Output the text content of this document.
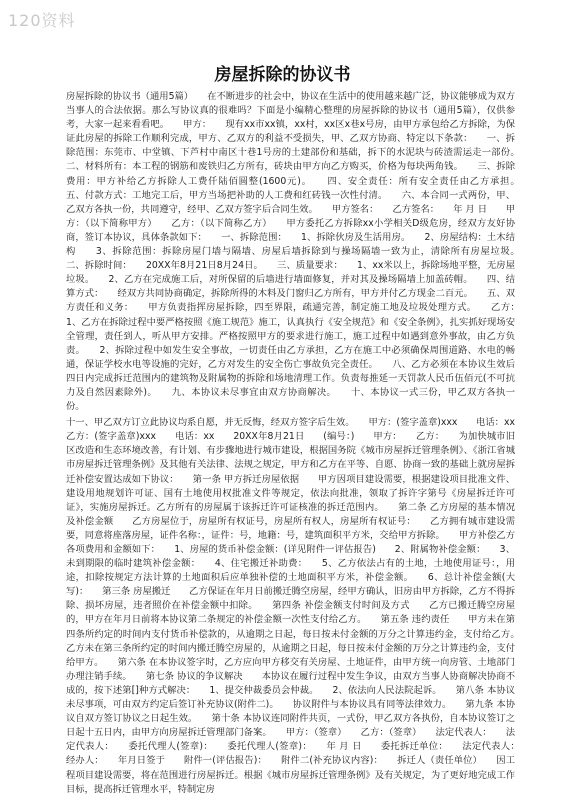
120资料
房屋拆除的协议书

房屋拆除的协议书（通用5篇）　　在不断进步的社会中，协议在生活中的使用越来越广泛，协议能够成为双方当事人的合法依据。那么写协议真的很难吗？下面是小编精心整理的房屋拆除的协议书（通用5篇），仅供参考，大家一起来看看吧。　　甲方：　　现有xx市xx镇，xx村，xx区x巷x号房，由甲方承包给乙方拆除，为保证此房屋的拆除工作顺利完成，甲方、乙双方的利益不受损失，甲、乙双方协商、特定以下条款：　　一、拆除范围：东莞市、中堂镇、下芦村中南区十巷1号房的土建部份和基础，拆下的水泥块与砖渣需运走一部份。　　二、材料所有：本工程的钢筋和废铁归乙方所有，砖块由甲方向乙方购买，价格为每块两角钱。　　三、拆除费用：甲方补给乙方拆除人工费仟陆佰圆整(1600元)。　　四、安全责任：所有安全责任由乙方承担。　　五、付款方式：工地完工后，甲方当场把补助的人工费和红砖钱一次性付清。　　六、本合同一式两份，甲、乙双方各执一份，共同遵守，经甲、乙双方签字后合同生效。　　甲方签名：　　乙方签名：　　年 月 日　　甲方：（以下简称甲方）　　乙方：（以下简称乙方）　　甲方委托乙方拆除xx小学相关D级危房，经双方友好协商，签订本协议，具体条款如下：　　一、拆除范围：　　1、拆除伙房及生活用房。　　2、房屋结构：土木结构　　3、拆除范围：拆除房屋门墙与隔墙、房屋后墙拆除到与操场隔墙一致为止，清除所有房屋垃圾。　　二、拆除时间：　　20XX年8月21日8月24日。　　三、质量要求：　　1、xx米以上，拆除场地平整，无房屋垃圾。　　2、乙方在完成施工后，对所保留的后墙进行墙面修复，并对其及操场隔墙上加盖砖帽。　　四、结算方式：　　经双方共同协商确定，拆除所得的木料及门窗归乙方所有，甲方并付乙方现金二百元。　　五、双方责任和义务：　　甲方负责指挥房屋拆除，四至界限，疏通完善，制定施工地及垃圾处理方式。　　乙方：　　1、乙方在拆除过程中要严格按照《施工规范》施工，认真执行《安全规范》和《安全条例》，扎实抓好现场安全管理，责任到人，听从甲方安排。严格按照甲方的要求进行施工，施工过程中如遇到意外事故，由乙方负责。　　2、拆除过程中如发生安全事故，一切责任由乙方承担，乙方在施工中必须确保周围道路、水电的畅通，保证学校水电等设施的完好，乙方对发生的安全伤亡事故负完全责任。　　八、乙方必须在本协议生效后四日内完成拆迁范围内的建筑物及附属物的拆除和场地清理工作。负责每推延一天罚款人民币伍佰元(不可抗力及自然因素除外)。　　九、本协议未尽事宜由双方协商解决。　　十、本协议一式三份，甲乙双方各执一份。

十一、甲乙双方订立此协议均系自愿，并无反悔，经双方签字后生效。　　甲方：(签字盖章)xxx　　电话：xx　　乙方：(签字盖章)xxx　　电话：xx　　20XX年8月21日　　(编号：)　　甲方：　　乙方：　　为加快城市旧区改造和生态环境改善，有计划、有步骤地进行城市建设，根据国务院《城市房屋拆迁管理条例》、《浙江省城市房屋拆迁管理条例》及其他有关法律、法规之规定，甲方和乙方在平等、自愿、协商一致的基础上就房屋拆迁补偿安置达成如下协议：　　第一条 甲方拆迁房屋依据　　甲方因项目建设需要，根据建设项目批准文件、建设用地规划许可证、国有土地使用权批准文件等规定，依法向批准，领取了拆许字第号《房屋拆迁许可证》，实施房屋拆迁。乙方所有的房屋属于该拆迁许可证核准的拆迁范围内。　　第二条 乙方房屋的基本情况及补偿金额　　乙方房屋位于，房屋所有权证号，房屋所有权人，房屋所有权证号：　　乙方拥有城市建设需要，同意将座落房屋，证件名称：，证件：号，地籍：号，建筑面积平方米，交给甲方拆除。　　甲方补偿乙方各项费用和金额如下：　　1、房屋的货币补偿金额：(详见附件一评估报告)　　2、附属物补偿金额：　　3、未到期限的临时建筑补偿金额：　　4、住宅搬迁补助费：　　5、乙方依法占有的土地，土地使用证号：，用途，扣除按规定方法计算的土地面积后应单独补偿的土地面积平方米，补偿金额。　　6、总计补偿金额(大写)：　　第三条 房屋搬迁　　乙方保证在年月日前搬迁腾空房屋，经甲方确认，旧房由甲方拆除，乙方不得拆除、损坏房屋，违者照价在补偿金额中扣除。　　第四条 补偿金额支付时间及方式　　乙方已搬迁腾空房屋的，甲方在年月日前将本协议第二条规定的补偿金额一次性支付给乙方。　　第五条 违约责任　　甲方未在第四条所约定的时间内支付货币补偿款的，从逾期之日起，每日按未付金额的万分之计算违约金，支付给乙方。　　乙方未在第三条所约定的时间内搬迁腾空房屋的，从逾期之日起，每日按未付金额的万分之计算违约金，支付给甲方。　　第六条 在本协议签字时，乙方应向甲方移交有关房屋、土地证件，由甲方统一向房管、土地部门办理注销手续。　　第七条 协议的争议解决　　本协议在履行过程中发生争议，由双方当事人协商解决协商不成的，按下述第[]种方式解决：　　1、提交仲裁委员会仲裁。　　2、依法向人民法院起诉。　　第八条 本协议未尽事项，可由双方约定后签订补充协议(附件二)。　　协议附件与本协议具有同等法律效力。　　第九条 本协议自双方签订协议之日起生效。　　第十条 本协议连同附件共页，一式份，甲乙双方各执份，自本协议签订之日起十五日内，由甲方向房屋拆迁管理部门备案。　　甲方：（签章）　　乙方：（签章）　　法定代表人：　　法定代表人：　　委托代理人(签章)：　　委托代理人(签章)：　　年 月 日　　委托拆迁单位：　　法定代表人：　　经办人：　　年月日签于　　附件一(评估报告)：　　附件二(补充协议内容)：　　拆迁人（责任单位）　　因工程项目建设需要，将在范围进行房屋拆迁。根据《城市房屋拆迁管理条例》及有关规定，为了更好地完成工作目标，提高拆迁管理水平，特制定房
